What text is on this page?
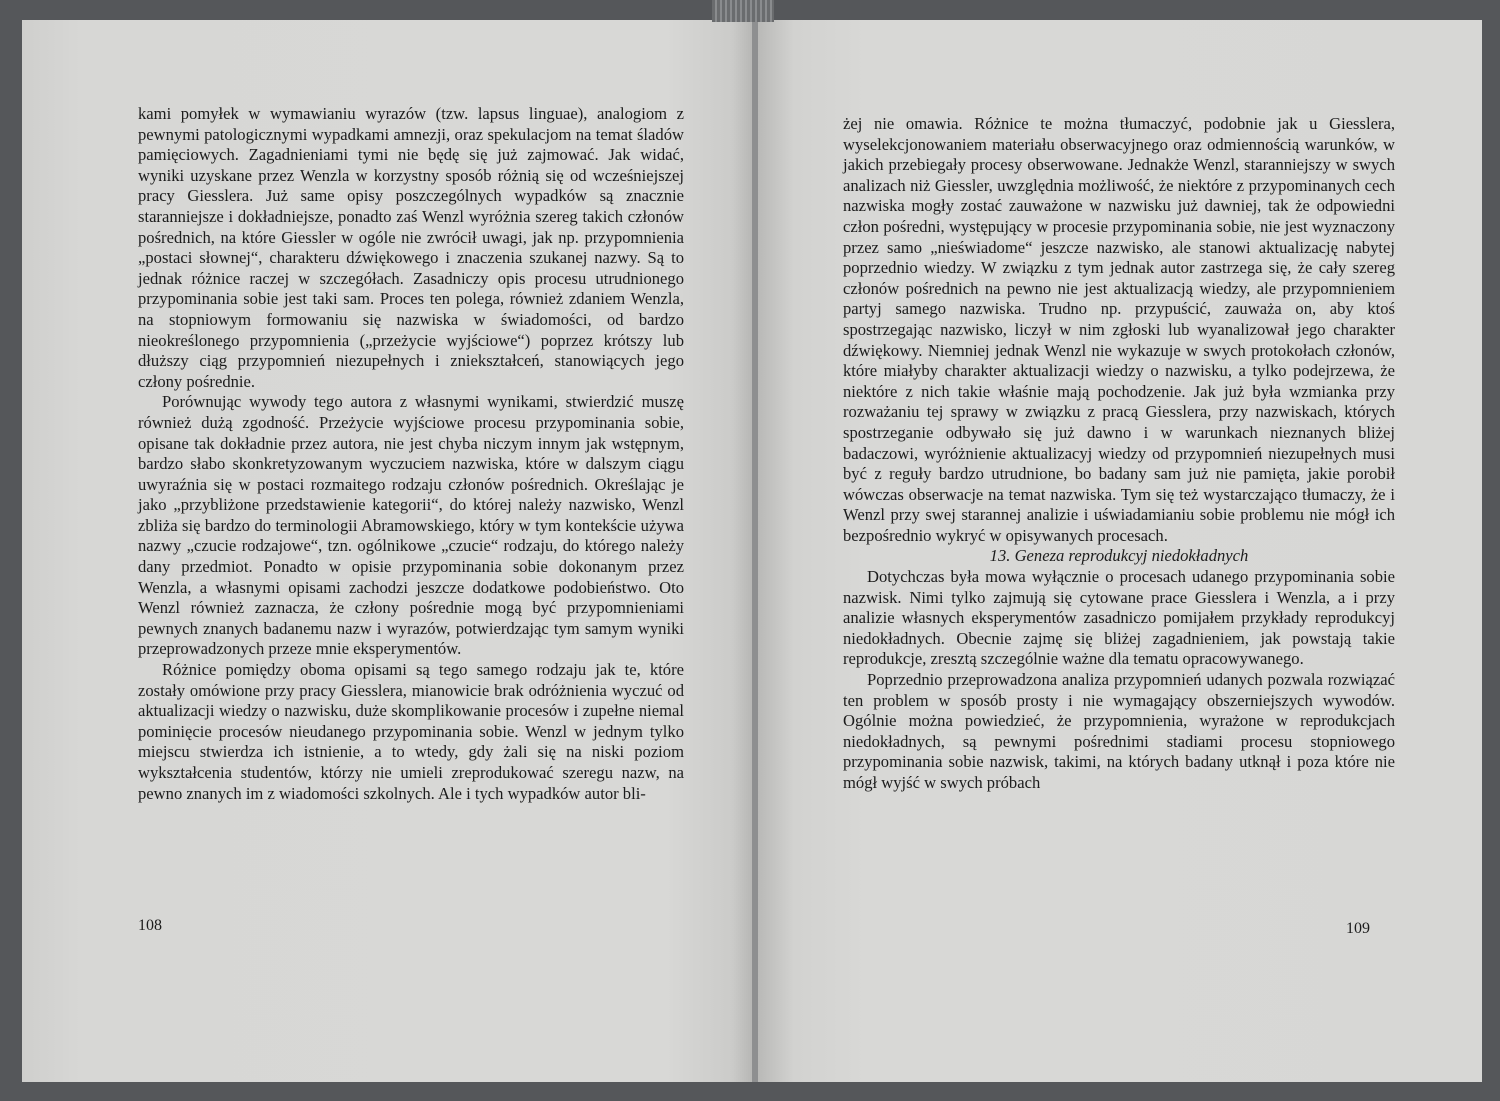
kami pomyłek w wymawianiu wyrazów (tzw. lapsus linguae), analogiom z pewnymi patologicznymi wypadkami amnezji, oraz spekulacjom na temat śladów pamięciowych. Zagadnieniami tymi nie będę się już zajmować. Jak widać, wyniki uzyskane przez Wenzla w korzystny sposób różnią się od wcześniejszej pracy Giesslera. Już same opisy poszczególnych wypadków są znacznie staranniejsze i dokładniejsze, ponadto zaś Wenzl wyróżnia szereg takich członów pośrednich, na które Giessler w ogóle nie zwrócił uwagi, jak np. przypomnienia „postaci słownej“, charakteru dźwiękowego i znaczenia szukanej nazwy. Są to jednak różnice raczej w szczegółach. Zasadniczy opis procesu utrudnionego przypominania sobie jest taki sam. Proces ten polega, również zdaniem Wenzla, na stopniowym formowaniu się nazwiska w świadomości, od bardzo nieokreślonego przypomnienia („przeżycie wyjściowe“) poprzez krótszy lub dłuższy ciąg przypomnień niezupełnych i zniekształceń, stanowiących jego człony pośrednie.

Porównując wywody tego autora z własnymi wynikami, stwierdzić muszę również dużą zgodność. Przeżycie wyjściowe procesu przypominania sobie, opisane tak dokładnie przez autora, nie jest chyba niczym innym jak wstępnym, bardzo słabo skonkretyzowanym wyczuciem nazwiska, które w dalszym ciągu uwyraźnia się w postaci rozmaitego rodzaju członów pośrednich. Określając je jako „przybliżone przedstawienie kategorii“, do której należy nazwisko, Wenzl zbliża się bardzo do terminologii Abramowskiego, który w tym kontekście używa nazwy „czucie rodzajowe“, tzn. ogólnikowe „czucie“ rodzaju, do którego należy dany przedmiot. Ponadto w opisie przypominania sobie dokonanym przez Wenzla, a własnymi opisami zachodzi jeszcze dodatkowe podobieństwo. Oto Wenzl również zaznacza, że człony pośrednie mogą być przypomnieniami pewnych znanych badanemu nazw i wyrazów, potwierdzając tym samym wyniki przeprowadzonych przeze mnie eksperymentów.

Różnice pomiędzy oboma opisami są tego samego rodzaju jak te, które zostały omówione przy pracy Giesslera, mianowicie brak odróżnienia wyczuć od aktualizacji wiedzy o nazwisku, duże skomplikowanie procesów i zupełne niemal pominięcie procesów nieudanego przypominania sobie. Wenzl w jednym tylko miejscu stwierdza ich istnienie, a to wtedy, gdy żali się na niski poziom wykształcenia studentów, którzy nie umieli zreprodukować szeregu nazw, na pewno znanych im z wiadomości szkolnych. Ale i tych wypadków autor bli-

108

żej nie omawia. Różnice te można tłumaczyć, podobnie jak u Giesslera, wyselekcjonowaniem materiału obserwacyjnego oraz odmiennością warunków, w jakich przebiegały procesy obserwowane. Jednakże Wenzl, staranniejszy w swych analizach niż Giessler, uwzględnia możliwość, że niektóre z przypominanych cech nazwiska mogły zostać zauważone w nazwisku już dawniej, tak że odpowiedni człon pośredni, występujący w procesie przypominania sobie, nie jest wyznaczony przez samo „nieświadome“ jeszcze nazwisko, ale stanowi aktualizację nabytej poprzednio wiedzy. W związku z tym jednak autor zastrzega się, że cały szereg członów pośrednich na pewno nie jest aktualizacją wiedzy, ale przypomnieniem partyj samego nazwiska. Trudno np. przypuścić, zauważa on, aby ktoś spostrzegając nazwisko, liczył w nim zgłoski lub wyanalizował jego charakter dźwiękowy. Niemniej jednak Wenzl nie wykazuje w swych protokołach członów, które miałyby charakter aktualizacji wiedzy o nazwisku, a tylko podejrzewa, że niektóre z nich takie właśnie mają pochodzenie. Jak już była wzmianka przy rozważaniu tej sprawy w związku z pracą Giesslera, przy nazwiskach, których spostrzeganie odbywało się już dawno i w warunkach nieznanych bliżej badaczowi, wyróżnienie aktualizacyj wiedzy od przypomnień niezupełnych musi być z reguły bardzo utrudnione, bo badany sam już nie pamięta, jakie porobił wówczas obserwacje na temat nazwiska. Tym się też wystarczająco tłumaczy, że i Wenzl przy swej starannej analizie i uświadamianiu sobie problemu nie mógł ich bezpośrednio wykryć w opisywanych procesach.

13. Geneza reprodukcyj niedokładnych

Dotychczas była mowa wyłącznie o procesach udanego przypominania sobie nazwisk. Nimi tylko zajmują się cytowane prace Giesslera i Wenzla, a i przy analizie własnych eksperymentów zasadniczo pomijałem przykłady reprodukcyj niedokładnych. Obecnie zajmę się bliżej zagadnieniem, jak powstają takie reprodukcje, zresztą szczególnie ważne dla tematu opracowywanego.

Poprzednio przeprowadzona analiza przypomnień udanych pozwala rozwiązać ten problem w sposób prosty i nie wymagający obszerniejszych wywodów. Ogólnie można powiedzieć, że przypomnienia, wyrażone w reprodukcjach niedokładnych, są pewnymi pośrednimi stadiami procesu stopniowego przypominania sobie nazwisk, takimi, na których badany utknął i poza które nie mógł wyjść w swych próbach

109
